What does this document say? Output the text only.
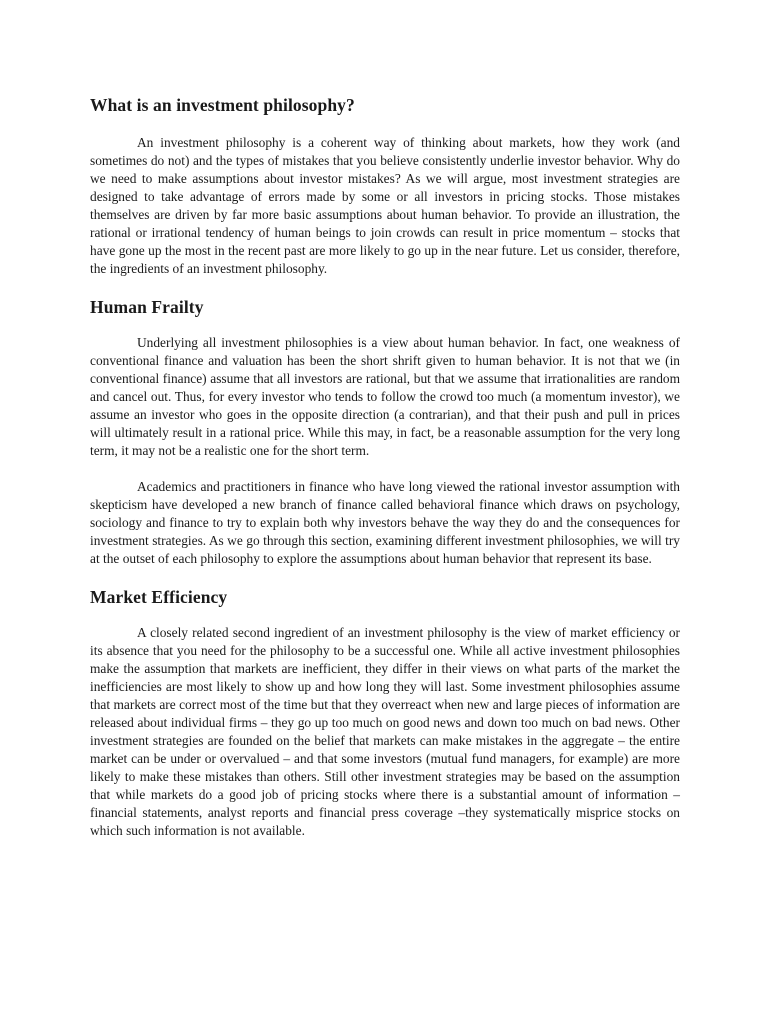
What is an investment philosophy?

An investment philosophy is a coherent way of thinking about markets, how they work (and sometimes do not) and the types of mistakes that you believe consistently underlie investor behavior. Why do we need to make assumptions about investor mistakes? As we will argue, most investment strategies are designed to take advantage of errors made by some or all investors in pricing stocks. Those mistakes themselves are driven by far more basic assumptions about human behavior. To provide an illustration, the rational or irrational tendency of human beings to join crowds can result in price momentum – stocks that have gone up the most in the recent past are more likely to go up in the near future. Let us consider, therefore, the ingredients of an investment philosophy.

Human Frailty

Underlying all investment philosophies is a view about human behavior. In fact, one weakness of conventional finance and valuation has been the short shrift given to human behavior. It is not that we (in conventional finance) assume that all investors are rational, but that we assume that irrationalities are random and cancel out. Thus, for every investor who tends to follow the crowd too much (a momentum investor), we assume an investor who goes in the opposite direction (a contrarian), and that their push and pull in prices will ultimately result in a rational price. While this may, in fact, be a reasonable assumption for the very long term, it may not be a realistic one for the short term.

Academics and practitioners in finance who have long viewed the rational investor assumption with skepticism have developed a new branch of finance called behavioral finance which draws on psychology, sociology and finance to try to explain both why investors behave the way they do and the consequences for investment strategies. As we go through this section, examining different investment philosophies, we will try at the outset of each philosophy to explore the assumptions about human behavior that represent its base.

Market Efficiency

A closely related second ingredient of an investment philosophy is the view of market efficiency or its absence that you need for the philosophy to be a successful one. While all active investment philosophies make the assumption that markets are inefficient, they differ in their views on what parts of the market the inefficiencies are most likely to show up and how long they will last. Some investment philosophies assume that markets are correct most of the time but that they overreact when new and large pieces of information are released about individual firms – they go up too much on good news and down too much on bad news. Other investment strategies are founded on the belief that markets can make mistakes in the aggregate – the entire market can be under or overvalued – and that some investors (mutual fund managers, for example) are more likely to make these mistakes than others. Still other investment strategies may be based on the assumption that while markets do a good job of pricing stocks where there is a substantial amount of information – financial statements, analyst reports and financial press coverage –they systematically misprice stocks on which such information is not available.
